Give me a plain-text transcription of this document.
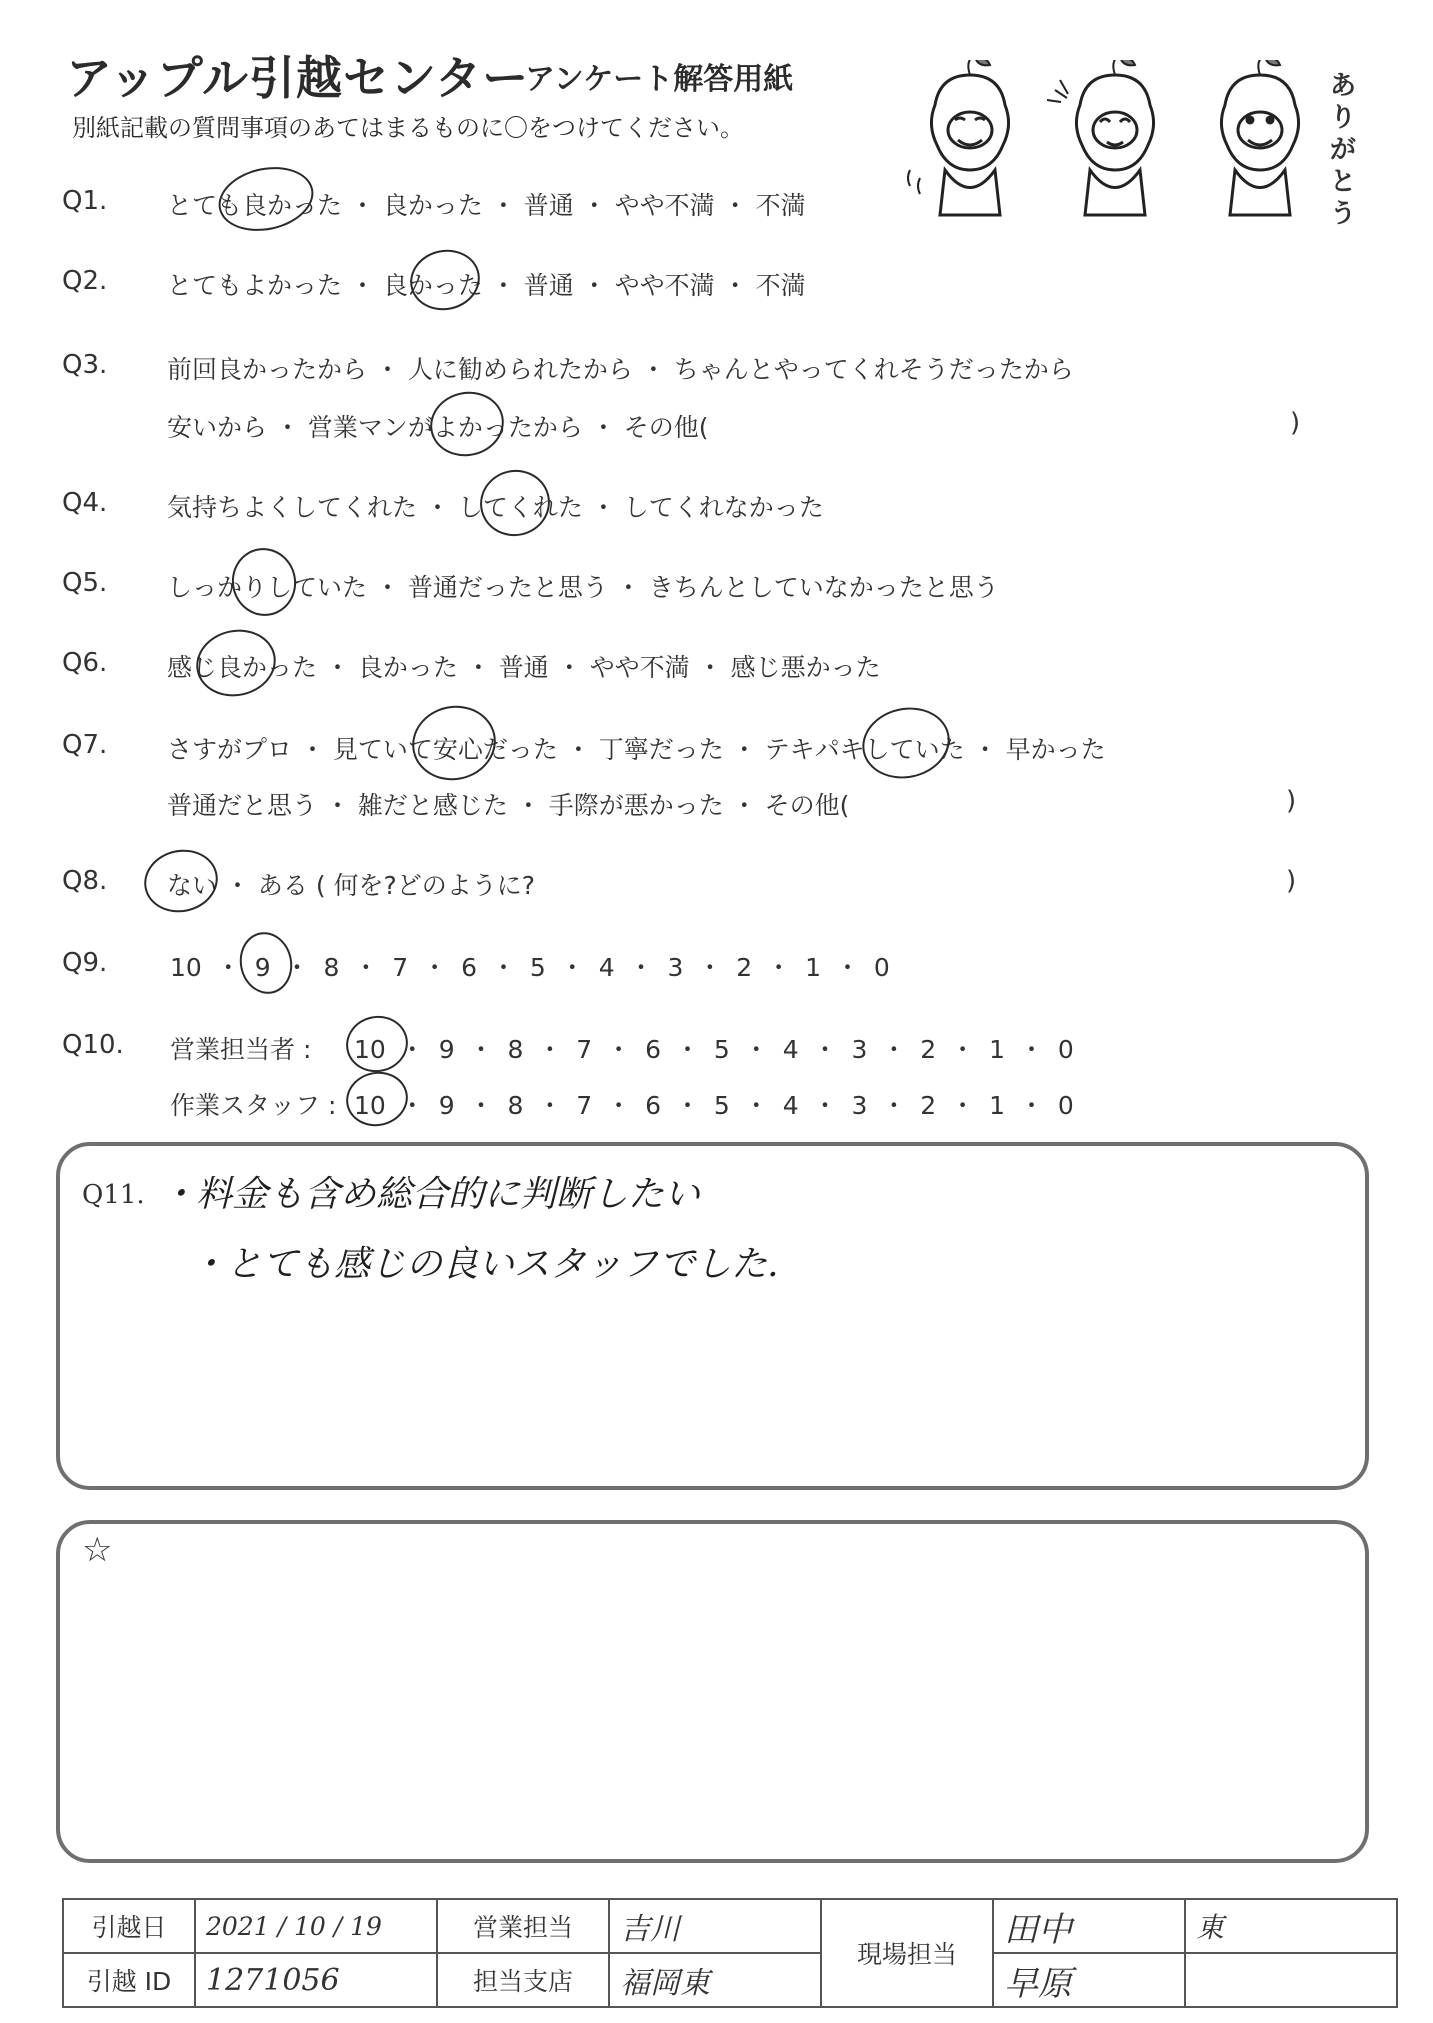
アップル引越センター
アンケート解答用紙
別紙記載の質問事項のあてはまるものに〇をつけてください。
ありがとう
Q1. とても良かった ・ 良かった ・ 普通 ・ やや不満 ・ 不満
Q2. とてもよかった ・ 良かった ・ 普通 ・ やや不満 ・ 不満
Q3. 前回良かったから ・ 人に勧められたから ・ ちゃんとやってくれそうだったから
安いから ・ 営業マンがよかったから ・ その他(	)
Q4. 気持ちよくしてくれた ・ してくれた ・ してくれなかった
Q5. しっかりしていた ・ 普通だったと思う ・ きちんとしていなかったと思う
Q6. 感じ良かった ・ 良かった ・ 普通 ・ やや不満 ・ 感じ悪かった
Q7. さすがプロ ・ 見ていて安心だった ・ 丁寧だった ・ テキパキしていた ・ 早かった
普通だと思う ・ 雑だと感じた ・ 手際が悪かった ・ その他(	)
Q8. ない ・ ある ( 何を?どのように?	)
Q9.	10 ・ 9 ・ 8 ・ 7 ・ 6 ・ 5 ・ 4 ・ 3 ・ 2 ・ 1 ・ 0
Q10. 営業担当者 : 10 ・ 9 ・ 8 ・ 7 ・ 6 ・ 5 ・ 4 ・ 3 ・ 2 ・ 1 ・ 0
作業スタッフ : 10 ・ 9 ・ 8 ・ 7 ・ 6 ・ 5 ・ 4 ・ 3 ・ 2 ・ 1 ・ 0
Q11. ・料金も含め総合的に判断したい
・とても感じの良いスタッフでした.
☆
引越日	2021 / 10 / 19	営業担当	吉川	現場担当	田中	東
引越 ID	1271056	担当支店	福岡東		早原	
